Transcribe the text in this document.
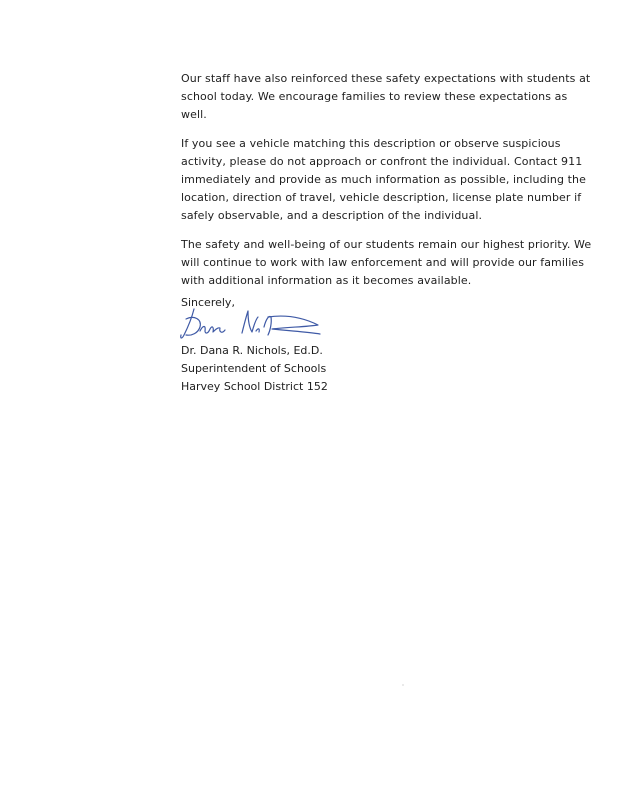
Our staff have also reinforced these safety expectations with students at
school today. We encourage families to review these expectations as
well.

If you see a vehicle matching this description or observe suspicious
activity, please do not approach or confront the individual. Contact 911
immediately and provide as much information as possible, including the
location, direction of travel, vehicle description, license plate number if
safely observable, and a description of the individual.

The safety and well-being of our students remain our highest priority. We
will continue to work with law enforcement and will provide our families
with additional information as it becomes available.

Sincerely,
Dr. Dana R. Nichols, Ed.D.
Superintendent of Schools
Harvey School District 152
